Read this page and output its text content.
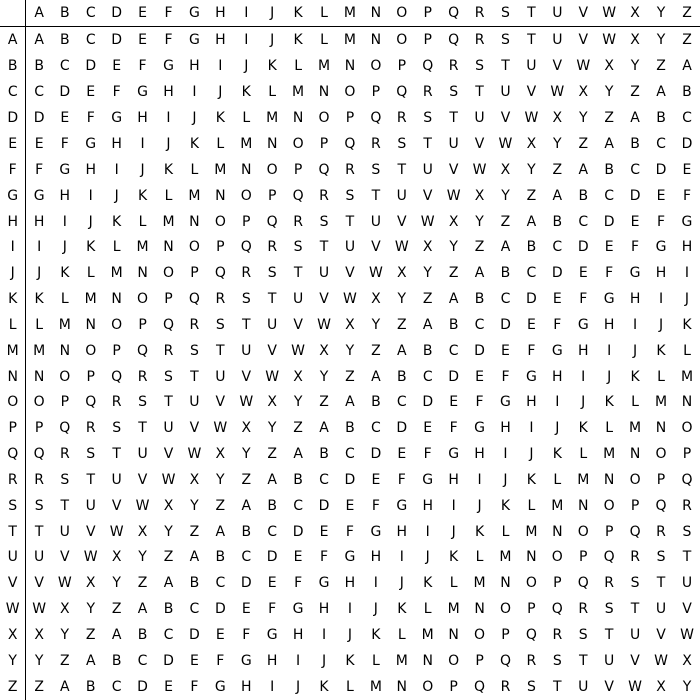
	A	B	C	D	E	F	G	H	I	J	K	L	M	N	O	P	Q	R	S	T	U	V	W	X	Y	Z
A	A	B	C	D	E	F	G	H	I	J	K	L	M	N	O	P	Q	R	S	T	U	V	W	X	Y	Z
B	B	C	D	E	F	G	H	I	J	K	L	M	N	O	P	Q	R	S	T	U	V	W	X	Y	Z	A
C	C	D	E	F	G	H	I	J	K	L	M	N	O	P	Q	R	S	T	U	V	W	X	Y	Z	A	B
D	D	E	F	G	H	I	J	K	L	M	N	O	P	Q	R	S	T	U	V	W	X	Y	Z	A	B	C
E	E	F	G	H	I	J	K	L	M	N	O	P	Q	R	S	T	U	V	W	X	Y	Z	A	B	C	D
F	F	G	H	I	J	K	L	M	N	O	P	Q	R	S	T	U	V	W	X	Y	Z	A	B	C	D	E
G	G	H	I	J	K	L	M	N	O	P	Q	R	S	T	U	V	W	X	Y	Z	A	B	C	D	E	F
H	H	I	J	K	L	M	N	O	P	Q	R	S	T	U	V	W	X	Y	Z	A	B	C	D	E	F	G
I	I	J	K	L	M	N	O	P	Q	R	S	T	U	V	W	X	Y	Z	A	B	C	D	E	F	G	H
J	J	K	L	M	N	O	P	Q	R	S	T	U	V	W	X	Y	Z	A	B	C	D	E	F	G	H	I
K	K	L	M	N	O	P	Q	R	S	T	U	V	W	X	Y	Z	A	B	C	D	E	F	G	H	I	J
L	L	M	N	O	P	Q	R	S	T	U	V	W	X	Y	Z	A	B	C	D	E	F	G	H	I	J	K
M	M	N	O	P	Q	R	S	T	U	V	W	X	Y	Z	A	B	C	D	E	F	G	H	I	J	K	L
N	N	O	P	Q	R	S	T	U	V	W	X	Y	Z	A	B	C	D	E	F	G	H	I	J	K	L	M
O	O	P	Q	R	S	T	U	V	W	X	Y	Z	A	B	C	D	E	F	G	H	I	J	K	L	M	N
P	P	Q	R	S	T	U	V	W	X	Y	Z	A	B	C	D	E	F	G	H	I	J	K	L	M	N	O
Q	Q	R	S	T	U	V	W	X	Y	Z	A	B	C	D	E	F	G	H	I	J	K	L	M	N	O	P
R	R	S	T	U	V	W	X	Y	Z	A	B	C	D	E	F	G	H	I	J	K	L	M	N	O	P	Q
S	S	T	U	V	W	X	Y	Z	A	B	C	D	E	F	G	H	I	J	K	L	M	N	O	P	Q	R
T	T	U	V	W	X	Y	Z	A	B	C	D	E	F	G	H	I	J	K	L	M	N	O	P	Q	R	S
U	U	V	W	X	Y	Z	A	B	C	D	E	F	G	H	I	J	K	L	M	N	O	P	Q	R	S	T
V	V	W	X	Y	Z	A	B	C	D	E	F	G	H	I	J	K	L	M	N	O	P	Q	R	S	T	U
W	W	X	Y	Z	A	B	C	D	E	F	G	H	I	J	K	L	M	N	O	P	Q	R	S	T	U	V
X	X	Y	Z	A	B	C	D	E	F	G	H	I	J	K	L	M	N	O	P	Q	R	S	T	U	V	W
Y	Y	Z	A	B	C	D	E	F	G	H	I	J	K	L	M	N	O	P	Q	R	S	T	U	V	W	X
Z	Z	A	B	C	D	E	F	G	H	I	J	K	L	M	N	O	P	Q	R	S	T	U	V	W	X	Y
